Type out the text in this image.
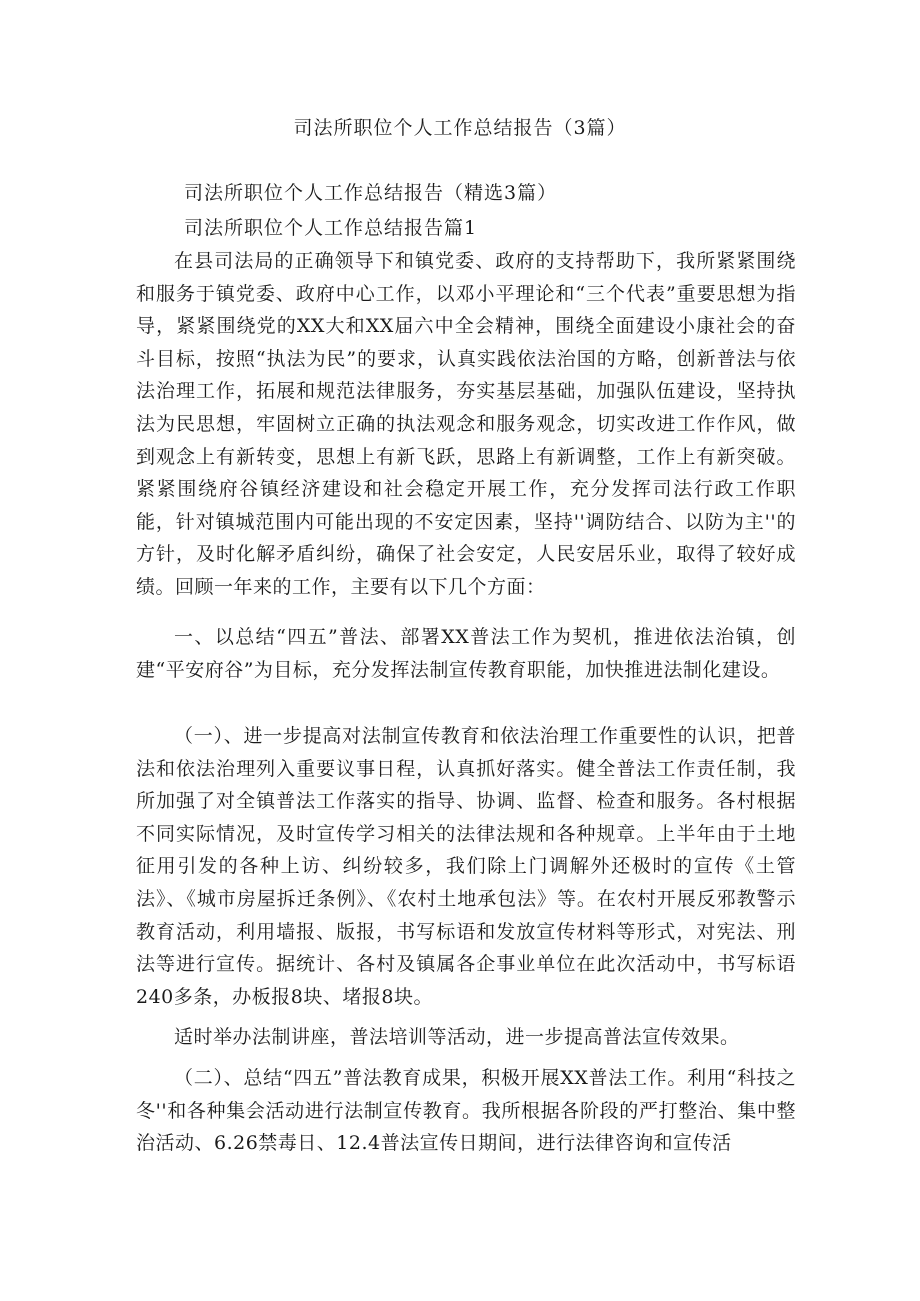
司法所职位个人工作总结报告（3篇）
司法所职位个人工作总结报告（精选3篇）
司法所职位个人工作总结报告篇1

在县司法局的正确领导下和镇党委、政府的支持帮助下，我所紧紧围绕和服务于镇党委、政府中心工作，以邓小平理论和“三个代表”重要思想为指导，紧紧围绕党的XX大和XX届六中全会精神，围绕全面建设小康社会的奋斗目标，按照“执法为民”的要求，认真实践依法治国的方略，创新普法与依法治理工作，拓展和规范法律服务，夯实基层基础，加强队伍建设，坚持执法为民思想，牢固树立正确的执法观念和服务观念，切实改进工作作风，做到观念上有新转变，思想上有新飞跃，思路上有新调整，工作上有新突破。紧紧围绕府谷镇经济建设和社会稳定开展工作，充分发挥司法行政工作职能，针对镇城范围内可能出现的不安定因素，坚持''调防结合、以防为主''的方针，及时化解矛盾纠纷，确保了社会安定，人民安居乐业，取得了较好成绩。回顾一年来的工作，主要有以下几个方面：

一、以总结“四五”普法、部署XX普法工作为契机，推进依法治镇，创建“平安府谷”为目标，充分发挥法制宣传教育职能，加快推进法制化建设。

（一）、进一步提高对法制宣传教育和依法治理工作重要性的认识，把普法和依法治理列入重要议事日程，认真抓好落实。健全普法工作责任制，我所加强了对全镇普法工作落实的指导、协调、监督、检查和服务。各村根据不同实际情况，及时宣传学习相关的法律法规和各种规章。上半年由于土地征用引发的各种上访、纠纷较多，我们除上门调解外还极时的宣传《土管法》、《城市房屋拆迁条例》、《农村土地承包法》等。在农村开展反邪教警示教育活动，利用墙报、版报，书写标语和发放宣传材料等形式，对宪法、刑法等进行宣传。据统计、各村及镇属各企事业单位在此次活动中，书写标语240多条，办板报8块、堵报8块。

适时举办法制讲座，普法培训等活动，进一步提高普法宣传效果。

（二）、总结“四五”普法教育成果，积极开展XX普法工作。利用“科技之冬''和各种集会活动进行法制宣传教育。我所根据各阶段的严打整治、集中整治活动、6.26禁毒日、12.4普法宣传日期间，进行法律咨询和宣传活
